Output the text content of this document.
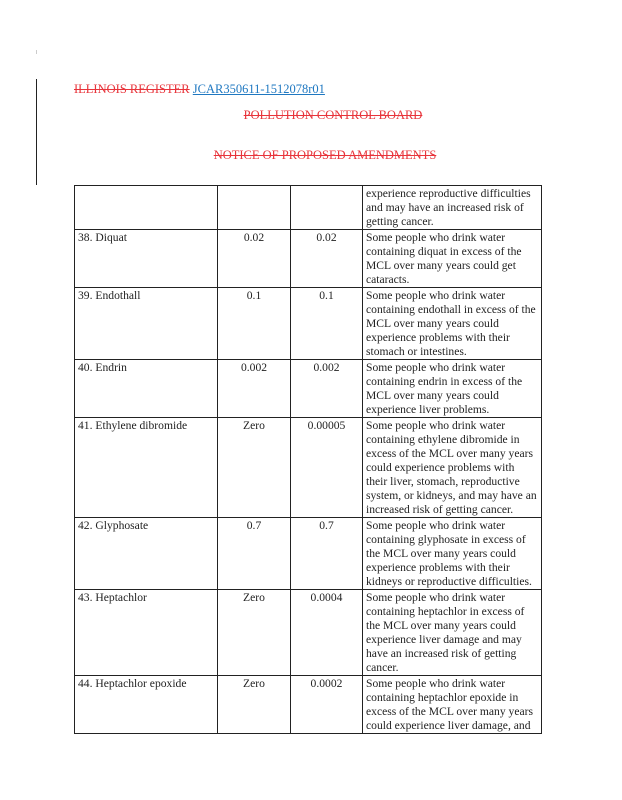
ILLINOIS REGISTER JCAR350611-1512078r01
POLLUTION CONTROL BOARD
NOTICE OF PROPOSED AMENDMENTS
			experience reproductive difficulties and may have an increased risk of getting cancer.
38. Diquat	0.02	0.02	Some people who drink water containing diquat in excess of the MCL over many years could get cataracts.
39. Endothall	0.1	0.1	Some people who drink water containing endothall in excess of the MCL over many years could experience problems with their stomach or intestines.
40. Endrin	0.002	0.002	Some people who drink water containing endrin in excess of the MCL over many years could experience liver problems.
41. Ethylene dibromide	Zero	0.00005	Some people who drink water containing ethylene dibromide in excess of the MCL over many years could experience problems with their liver, stomach, reproductive system, or kidneys, and may have an increased risk of getting cancer.
42. Glyphosate	0.7	0.7	Some people who drink water containing glyphosate in excess of the MCL over many years could experience problems with their kidneys or reproductive difficulties.
43. Heptachlor	Zero	0.0004	Some people who drink water containing heptachlor in excess of the MCL over many years could experience liver damage and may have an increased risk of getting cancer.
44. Heptachlor epoxide	Zero	0.0002	Some people who drink water containing heptachlor epoxide in excess of the MCL over many years could experience liver damage, and
